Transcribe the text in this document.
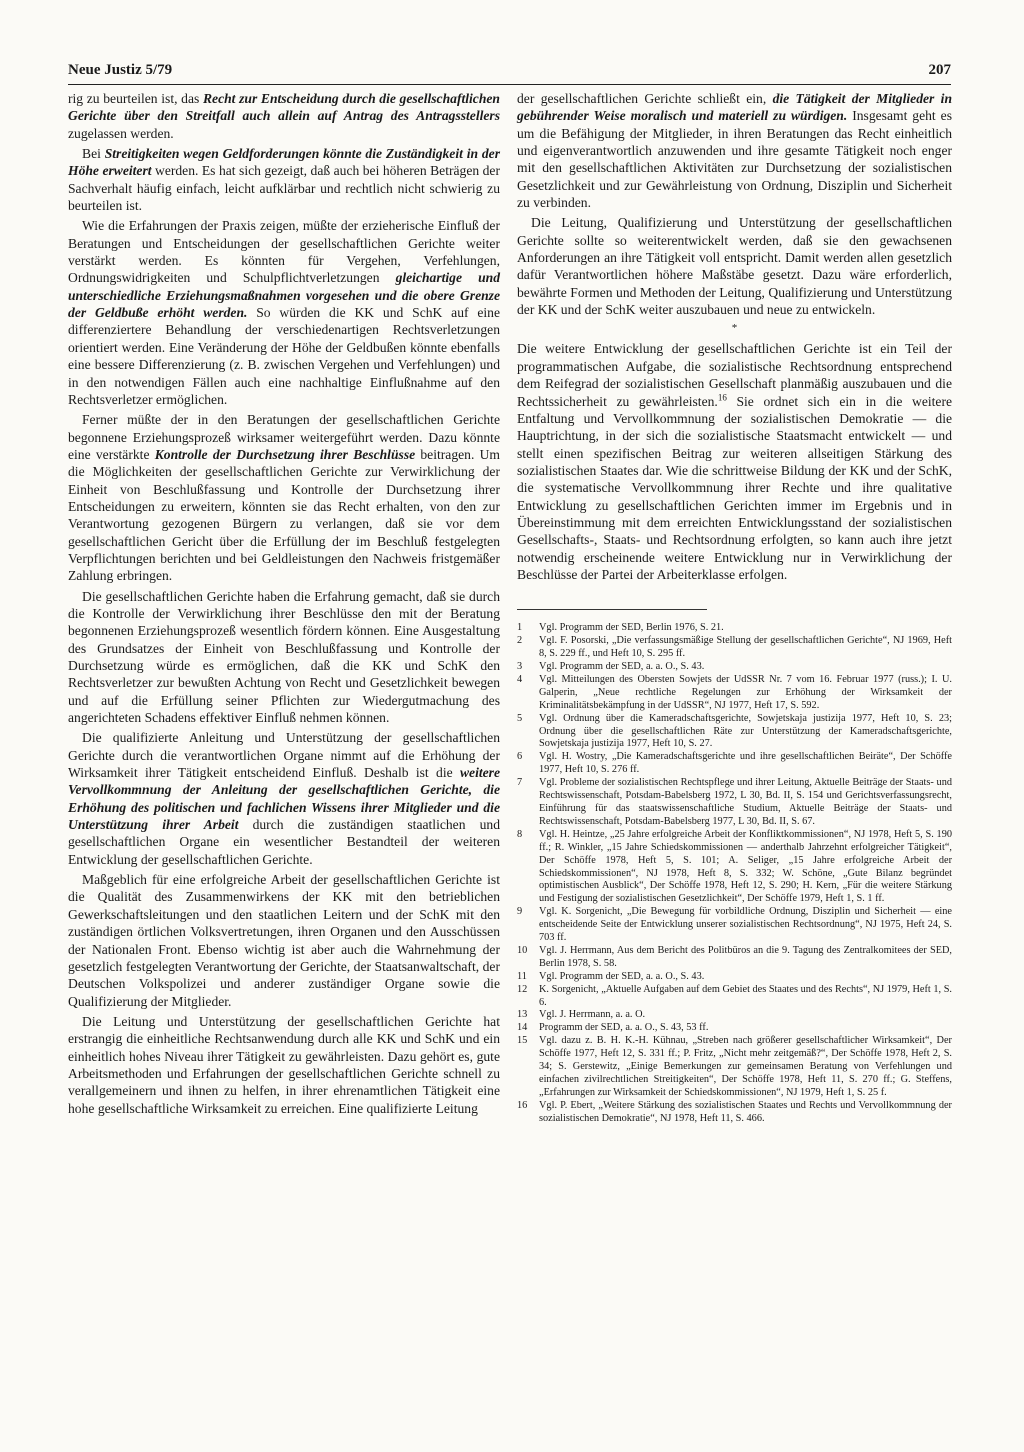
Neue Justiz 5/79	207

rig zu beurteilen ist, das Recht zur Entscheidung durch die gesellschaftlichen Gerichte über den Streitfall auch allein auf Antrag des Antragsstellers zugelassen werden.

Bei Streitigkeiten wegen Geldforderungen könnte die Zuständigkeit in der Höhe erweitert werden. Es hat sich gezeigt, daß auch bei höheren Beträgen der Sachverhalt häufig einfach, leicht aufklärbar und rechtlich nicht schwierig zu beurteilen ist.

Wie die Erfahrungen der Praxis zeigen, müßte der erzieherische Einfluß der Beratungen und Entscheidungen der gesellschaftlichen Gerichte weiter verstärkt werden. Es könnten für Vergehen, Verfehlungen, Ordnungswidrigkeiten und Schulpflichtverletzungen gleichartige und unterschiedliche Erziehungsmaßnahmen vorgesehen und die obere Grenze der Geldbuße erhöht werden. So würden die KK und SchK auf eine differenziertere Behandlung der verschiedenartigen Rechtsverletzungen orientiert werden. Eine Veränderung der Höhe der Geldbußen könnte ebenfalls eine bessere Differenzierung (z. B. zwischen Vergehen und Verfehlungen) und in den notwendigen Fällen auch eine nachhaltige Einflußnahme auf den Rechtsverletzer ermöglichen.

Ferner müßte der in den Beratungen der gesellschaftlichen Gerichte begonnene Erziehungsprozeß wirksamer weitergeführt werden. Dazu könnte eine verstärkte Kontrolle der Durchsetzung ihrer Beschlüsse beitragen. Um die Möglichkeiten der gesellschaftlichen Gerichte zur Verwirklichung der Einheit von Beschlußfassung und Kontrolle der Durchsetzung ihrer Entscheidungen zu erweitern, könnten sie das Recht erhalten, von den zur Verantwortung gezogenen Bürgern zu verlangen, daß sie vor dem gesellschaftlichen Gericht über die Erfüllung der im Beschluß festgelegten Verpflichtungen berichten und bei Geldleistungen den Nachweis fristgemäßer Zahlung erbringen.

Die gesellschaftlichen Gerichte haben die Erfahrung gemacht, daß sie durch die Kontrolle der Verwirklichung ihrer Beschlüsse den mit der Beratung begonnenen Erziehungsprozeß wesentlich fördern können. Eine Ausgestaltung des Grundsatzes der Einheit von Beschlußfassung und Kontrolle der Durchsetzung würde es ermöglichen, daß die KK und SchK den Rechtsverletzer zur bewußten Achtung von Recht und Gesetzlichkeit bewegen und auf die Erfüllung seiner Pflichten zur Wiedergutmachung des angerichteten Schadens effektiver Einfluß nehmen können.

Die qualifizierte Anleitung und Unterstützung der gesellschaftlichen Gerichte durch die verantwortlichen Organe nimmt auf die Erhöhung der Wirksamkeit ihrer Tätigkeit entscheidend Einfluß. Deshalb ist die weitere Vervollkommnung der Anleitung der gesellschaftlichen Gerichte, die Erhöhung des politischen und fachlichen Wissens ihrer Mitglieder und die Unterstützung ihrer Arbeit durch die zuständigen staatlichen und gesellschaftlichen Organe ein wesentlicher Bestandteil der weiteren Entwicklung der gesellschaftlichen Gerichte.

Maßgeblich für eine erfolgreiche Arbeit der gesellschaftlichen Gerichte ist die Qualität des Zusammenwirkens der KK mit den betrieblichen Gewerkschaftsleitungen und den staatlichen Leitern und der SchK mit den zuständigen örtlichen Volksvertretungen, ihren Organen und den Ausschüssen der Nationalen Front. Ebenso wichtig ist aber auch die Wahrnehmung der gesetzlich festgelegten Verantwortung der Gerichte, der Staatsanwaltschaft, der Deutschen Volkspolizei und anderer zuständiger Organe sowie die Qualifizierung der Mitglieder.

Die Leitung und Unterstützung der gesellschaftlichen Gerichte hat erstrangig die einheitliche Rechtsanwendung durch alle KK und SchK und ein einheitlich hohes Niveau ihrer Tätigkeit zu gewährleisten. Dazu gehört es, gute Arbeitsmethoden und Erfahrungen der gesellschaftlichen Gerichte schnell zu verallgemeinern und ihnen zu helfen, in ihrer ehrenamtlichen Tätigkeit eine hohe gesellschaftliche Wirksamkeit zu erreichen. Eine qualifizierte Leitung

der gesellschaftlichen Gerichte schließt ein, die Tätigkeit der Mitglieder in gebührender Weise moralisch und materiell zu würdigen. Insgesamt geht es um die Befähigung der Mitglieder, in ihren Beratungen das Recht einheitlich und eigenverantwortlich anzuwenden und ihre gesamte Tätigkeit noch enger mit den gesellschaftlichen Aktivitäten zur Durchsetzung der sozialistischen Gesetzlichkeit und zur Gewährleistung von Ordnung, Disziplin und Sicherheit zu verbinden.

Die Leitung, Qualifizierung und Unterstützung der gesellschaftlichen Gerichte sollte so weiterentwickelt werden, daß sie den gewachsenen Anforderungen an ihre Tätigkeit voll entspricht. Damit werden allen gesetzlich dafür Verantwortlichen höhere Maßstäbe gesetzt. Dazu wäre erforderlich, bewährte Formen und Methoden der Leitung, Qualifizierung und Unterstützung der KK und der SchK weiter auszubauen und neue zu entwickeln.

*

Die weitere Entwicklung der gesellschaftlichen Gerichte ist ein Teil der programmatischen Aufgabe, die sozialistische Rechtsordnung entsprechend dem Reifegrad der sozialistischen Gesellschaft planmäßig auszubauen und die Rechtssicherheit zu gewährleisten.$^{16}$ Sie ordnet sich ein in die weitere Entfaltung und Vervollkommnung der sozialistischen Demokratie — die Hauptrichtung, in der sich die sozialistische Staatsmacht entwickelt — und stellt einen spezifischen Beitrag zur weiteren allseitigen Stärkung des sozialistischen Staates dar. Wie die schrittweise Bildung der KK und der SchK, die systematische Vervollkommnung ihrer Rechte und ihre qualitative Entwicklung zu gesellschaftlichen Gerichten immer im Ergebnis und in Übereinstimmung mit dem erreichten Entwicklungsstand der sozialistischen Gesellschafts-, Staats- und Rechtsordnung erfolgten, so kann auch ihre jetzt notwendig erscheinende weitere Entwicklung nur in Verwirklichung der Beschlüsse der Partei der Arbeiterklasse erfolgen.

1	Vgl. Programm der SED, Berlin 1976, S. 21.
2	Vgl. F. Posorski, „Die verfassungsmäßige Stellung der gesellschaftlichen Gerichte“, NJ 1969, Heft 8, S. 229 ff., und Heft 10, S. 295 ff.
3	Vgl. Programm der SED, a. a. O., S. 43.
4	Vgl. Mitteilungen des Obersten Sowjets der UdSSR Nr. 7 vom 16. Februar 1977 (russ.); I. U. Galperin, „Neue rechtliche Regelungen zur Erhöhung der Wirksamkeit der Kriminalitätsbekämpfung in der UdSSR“, NJ 1977, Heft 17, S. 592.
5	Vgl. Ordnung über die Kameradschaftsgerichte, Sowjetskaja justizija 1977, Heft 10, S. 23; Ordnung über die gesellschaftlichen Räte zur Unterstützung der Kameradschaftsgerichte, Sowjetskaja justizija 1977, Heft 10, S. 27.
6	Vgl. H. Wostry, „Die Kameradschaftsgerichte und ihre gesellschaftlichen Beiräte“, Der Schöffe 1977, Heft 10, S. 276 ff.
7	Vgl. Probleme der sozialistischen Rechtspflege und ihrer Leitung, Aktuelle Beiträge der Staats- und Rechtswissenschaft, Potsdam-Babelsberg 1972, L 30, Bd. II, S. 154 und Gerichtsverfassungsrecht, Einführung für das staatswissenschaftliche Studium, Aktuelle Beiträge der Staats- und Rechtswissenschaft, Potsdam-Babelsberg 1977, L 30, Bd. II, S. 67.
8	Vgl. H. Heintze, „25 Jahre erfolgreiche Arbeit der Konfliktkommissionen“, NJ 1978, Heft 5, S. 190 ff.; R. Winkler, „15 Jahre Schiedskommissionen — anderthalb Jahrzehnt erfolgreicher Tätigkeit“, Der Schöffe 1978, Heft 5, S. 101; A. Seliger, „15 Jahre erfolgreiche Arbeit der Schiedskommissionen“, NJ 1978, Heft 8, S. 332; W. Schöne, „Gute Bilanz begründet optimistischen Ausblick“, Der Schöffe 1978, Heft 12, S. 290; H. Kern, „Für die weitere Stärkung und Festigung der sozialistischen Gesetzlichkeit“, Der Schöffe 1979, Heft 1, S. 1 ff.
9	Vgl. K. Sorgenicht, „Die Bewegung für vorbildliche Ordnung, Disziplin und Sicherheit — eine entscheidende Seite der Entwicklung unserer sozialistischen Rechtsordnung“, NJ 1975, Heft 24, S. 703 ff.
10	Vgl. J. Herrmann, Aus dem Bericht des Politbüros an die 9. Tagung des Zentralkomitees der SED, Berlin 1978, S. 58.
11	Vgl. Programm der SED, a. a. O., S. 43.
12	K. Sorgenicht, „Aktuelle Aufgaben auf dem Gebiet des Staates und des Rechts“, NJ 1979, Heft 1, S. 6.
13	Vgl. J. Herrmann, a. a. O.
14	Programm der SED, a. a. O., S. 43, 53 ff.
15	Vgl. dazu z. B. H. K.-H. Kühnau, „Streben nach größerer gesellschaftlicher Wirksamkeit“, Der Schöffe 1977, Heft 12, S. 331 ff.; P. Fritz, „Nicht mehr zeitgemäß?“, Der Schöffe 1978, Heft 2, S. 34; S. Gerstewitz, „Einige Bemerkungen zur gemeinsamen Beratung von Verfehlungen und einfachen zivilrechtlichen Streitigkeiten“, Der Schöffe 1978, Heft 11, S. 270 ff.; G. Steffens, „Erfahrungen zur Wirksamkeit der Schiedskommissionen“, NJ 1979, Heft 1, S. 25 f.
16	Vgl. P. Ebert, „Weitere Stärkung des sozialistischen Staates und Rechts und Vervollkommnung der sozialistischen Demokratie“, NJ 1978, Heft 11, S. 466.
